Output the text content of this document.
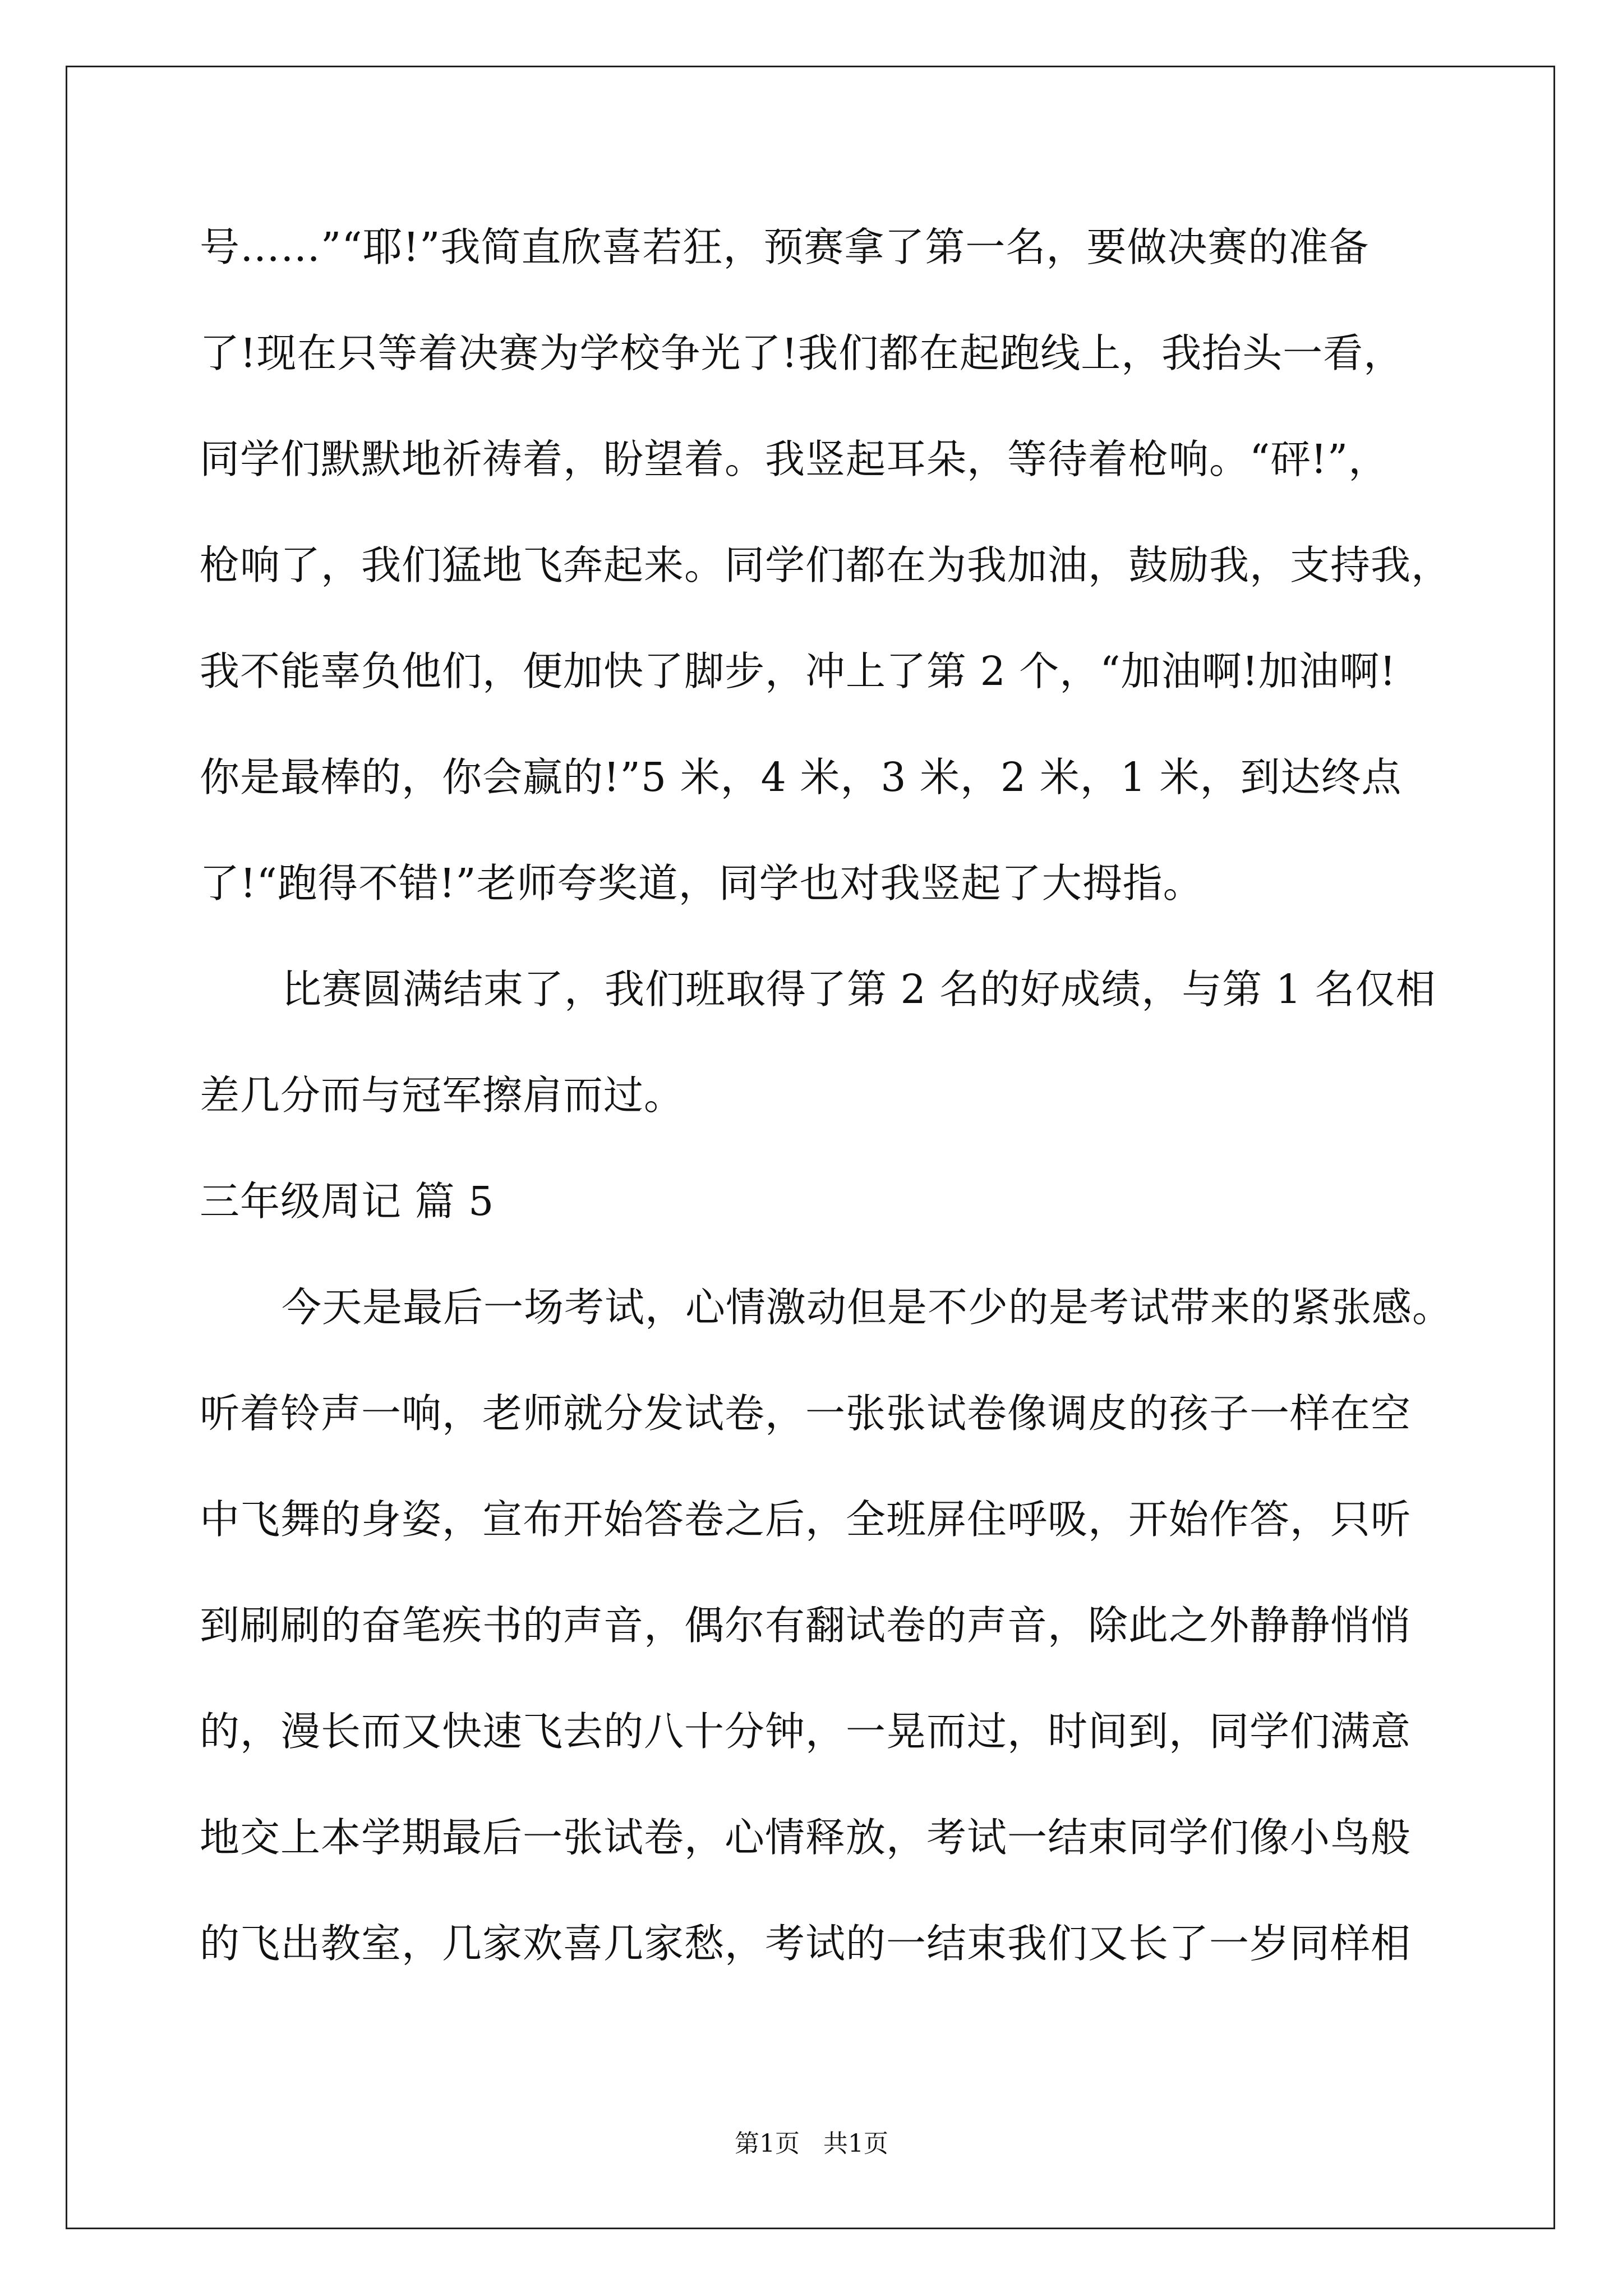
号……”“耶!”我简直欣喜若狂，预赛拿了第一名，要做决赛的准备
了!现在只等着决赛为学校争光了!我们都在起跑线上，我抬头一看，
同学们默默地祈祷着，盼望着。我竖起耳朵，等待着枪响。“砰!”，
枪响了，我们猛地飞奔起来。同学们都在为我加油，鼓励我，支持我，
我不能辜负他们，便加快了脚步，冲上了第 2 个，“加油啊!加油啊!
你是最棒的，你会赢的!”5 米，4 米，3 米，2 米，1 米，到达终点
了!“跑得不错!”老师夸奖道，同学也对我竖起了大拇指。
比赛圆满结束了，我们班取得了第 2 名的好成绩，与第 1 名仅相
差几分而与冠军擦肩而过。
三年级周记 篇 5
今天是最后一场考试，心情激动但是不少的是考试带来的紧张感。
听着铃声一响，老师就分发试卷，一张张试卷像调皮的孩子一样在空
中飞舞的身姿，宣布开始答卷之后，全班屏住呼吸，开始作答，只听
到刷刷的奋笔疾书的声音，偶尔有翻试卷的声音，除此之外静静悄悄
的，漫长而又快速飞去的八十分钟，一晃而过，时间到，同学们满意
地交上本学期最后一张试卷，心情释放，考试一结束同学们像小鸟般
的飞出教室，几家欢喜几家愁，考试的一结束我们又长了一岁同样相
第1页   共1页
